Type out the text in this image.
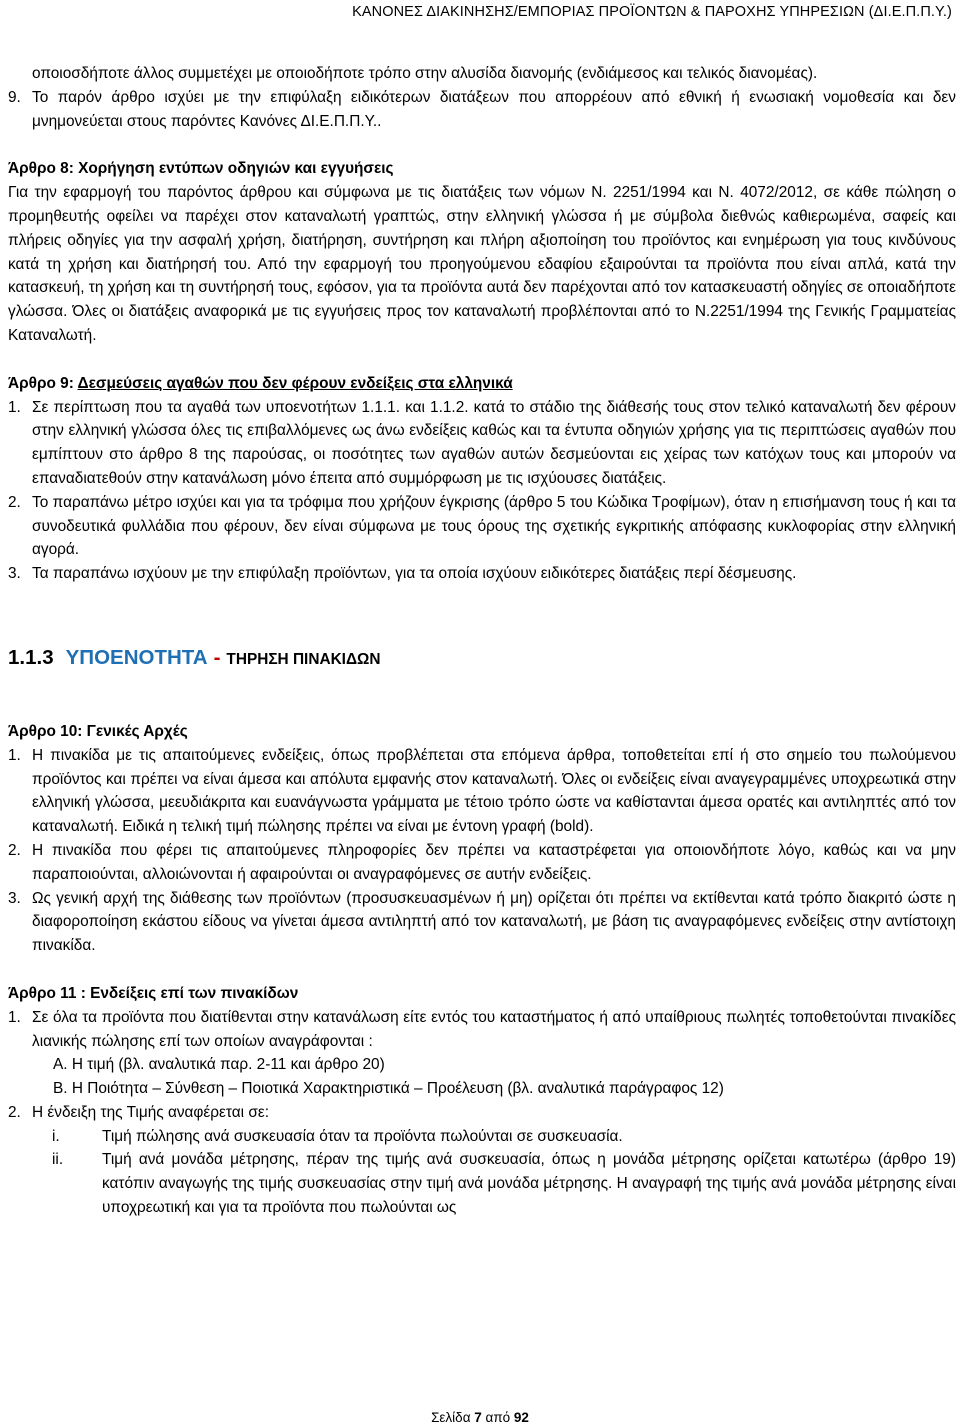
ΚΑΝΟΝΕΣ ΔΙΑΚΙΝΗΣΗΣ/ΕΜΠΟΡΙΑΣ ΠΡΟΪΟΝΤΩΝ & ΠΑΡΟΧΗΣ ΥΠΗΡΕΣΙΩΝ (ΔΙ.Ε.Π.Π.Υ.)

οποιοσδήποτε άλλος συμμετέχει με οποιοδήποτε τρόπο στην αλυσίδα διανομής (ενδιάμεσος και τελικός διανομέας).

9. Το παρόν άρθρο ισχύει με την επιφύλαξη ειδικότερων διατάξεων που απορρέουν από εθνική ή ενωσιακή νομοθεσία και δεν μνημονεύεται στους παρόντες Κανόνες ΔΙ.Ε.Π.Π.Υ..

Άρθρο 8: Χορήγηση εντύπων οδηγιών και εγγυήσεις

Για την εφαρμογή του παρόντος άρθρου και σύμφωνα με τις διατάξεις των νόμων Ν. 2251/1994 και Ν. 4072/2012, σε κάθε πώληση ο προμηθευτής οφείλει να παρέχει στον καταναλωτή γραπτώς, στην ελληνική γλώσσα ή με σύμβολα διεθνώς καθιερωμένα, σαφείς και πλήρεις οδηγίες για την ασφαλή χρήση, διατήρηση, συντήρηση και πλήρη αξιοποίηση του προϊόντος και ενημέρωση για τους κινδύνους κατά τη χρήση και διατήρησή του. Από την εφαρμογή του προηγούμενου εδαφίου εξαιρούνται τα προϊόντα που είναι απλά, κατά την κατασκευή, τη χρήση και τη συντήρησή τους, εφόσον, για τα προϊόντα αυτά δεν παρέχονται από τον κατασκευαστή οδηγίες σε οποιαδήποτε γλώσσα. Όλες οι διατάξεις αναφορικά με τις εγγυήσεις προς τον καταναλωτή προβλέπονται από το Ν.2251/1994 της Γενικής Γραμματείας Καταναλωτή.

Άρθρο 9: Δεσμεύσεις αγαθών που δεν φέρουν ενδείξεις στα ελληνικά

1. Σε περίπτωση που τα αγαθά των υποενοτήτων 1.1.1. και 1.1.2. κατά το στάδιο της διάθεσής τους στον τελικό καταναλωτή δεν φέρουν στην ελληνική γλώσσα όλες τις επιβαλλόμενες ως άνω ενδείξεις καθώς και τα έντυπα οδηγιών χρήσης για τις περιπτώσεις αγαθών που εμπίπτουν στο άρθρο 8 της παρούσας, οι ποσότητες των αγαθών αυτών δεσμεύονται εις χείρας των κατόχων τους και μπορούν να επαναδιατεθούν στην κατανάλωση μόνο έπειτα από συμμόρφωση με τις ισχύουσες διατάξεις.
2. Το παραπάνω μέτρο ισχύει και για τα τρόφιμα που χρήζουν έγκρισης (άρθρο 5 του Κώδικα Τροφίμων), όταν η επισήμανση τους ή και τα συνοδευτικά φυλλάδια που φέρουν, δεν είναι σύμφωνα με τους όρους της σχετικής εγκριτικής απόφασης κυκλοφορίας στην ελληνική αγορά.
3. Τα παραπάνω ισχύουν με την επιφύλαξη προϊόντων, για τα οποία ισχύουν ειδικότερες διατάξεις περί δέσμευσης.
1.1.3 ΥΠΟΕΝΟΤΗΤΑ - ΤΗΡΗΣΗ ΠΙΝΑΚΙΔΩΝ

Άρθρο 10: Γενικές Αρχές

1. Η πινακίδα με τις απαιτούμενες ενδείξεις, όπως προβλέπεται στα επόμενα άρθρα, τοποθετείται επί ή στο σημείο του πωλούμενου προϊόντος και πρέπει να είναι άμεσα και απόλυτα εμφανής στον καταναλωτή. Όλες οι ενδείξεις είναι αναγεγραμμένες υποχρεωτικά στην ελληνική γλώσσα, μεευδιάκριτα και ευανάγνωστα γράμματα με τέτοιο τρόπο ώστε να καθίστανται άμεσα ορατές και αντιληπτές από τον καταναλωτή. Ειδικά η τελική τιμή πώλησης πρέπει να είναι με έντονη γραφή (bold).
2. Η πινακίδα που φέρει τις απαιτούμενες πληροφορίες δεν πρέπει να καταστρέφεται για οποιονδήποτε λόγο, καθώς και να μην παραποιούνται, αλλοιώνονται ή αφαιρούνται οι αναγραφόμενες σε αυτήν ενδείξεις.
3. Ως γενική αρχή της διάθεσης των προϊόντων (προσυσκευασμένων ή μη) ορίζεται ότι πρέπει να εκτίθενται κατά τρόπο διακριτό ώστε η διαφοροποίηση εκάστου είδους να γίνεται άμεσα αντιληπτή από τον καταναλωτή, με βάση τις αναγραφόμενες ενδείξεις στην αντίστοιχη πινακίδα.

Άρθρο 11 : Ενδείξεις επί των πινακίδων

1. Σε όλα τα προϊόντα που διατίθενται στην κατανάλωση είτε εντός του καταστήματος ή από υπαίθριους πωλητές τοποθετούνται πινακίδες λιανικής πώλησης επί των οποίων αναγράφονται :

Α. Η τιμή (βλ. αναλυτικά παρ. 2-11 και άρθρο 20)

Β. Η Ποιότητα – Σύνθεση – Ποιοτικά Χαρακτηριστικά – Προέλευση (βλ. αναλυτικά παράγραφος 12)

2. Η ένδειξη της Τιμής αναφέρεται σε:
i.	Τιμή πώλησης ανά συσκευασία όταν τα προϊόντα πωλούνται σε συσκευασία.
ii.	Τιμή ανά μονάδα μέτρησης, πέραν της τιμής ανά συσκευασία, όπως η μονάδα μέτρησης ορίζεται κατωτέρω (άρθρο 19) κατόπιν αναγωγής της τιμής συσκευασίας στην τιμή ανά μονάδα μέτρησης. Η αναγραφή της τιμής ανά μονάδα μέτρησης είναι υποχρεωτική και για τα προϊόντα που πωλούνται ως
Σελίδα 7 από 92
